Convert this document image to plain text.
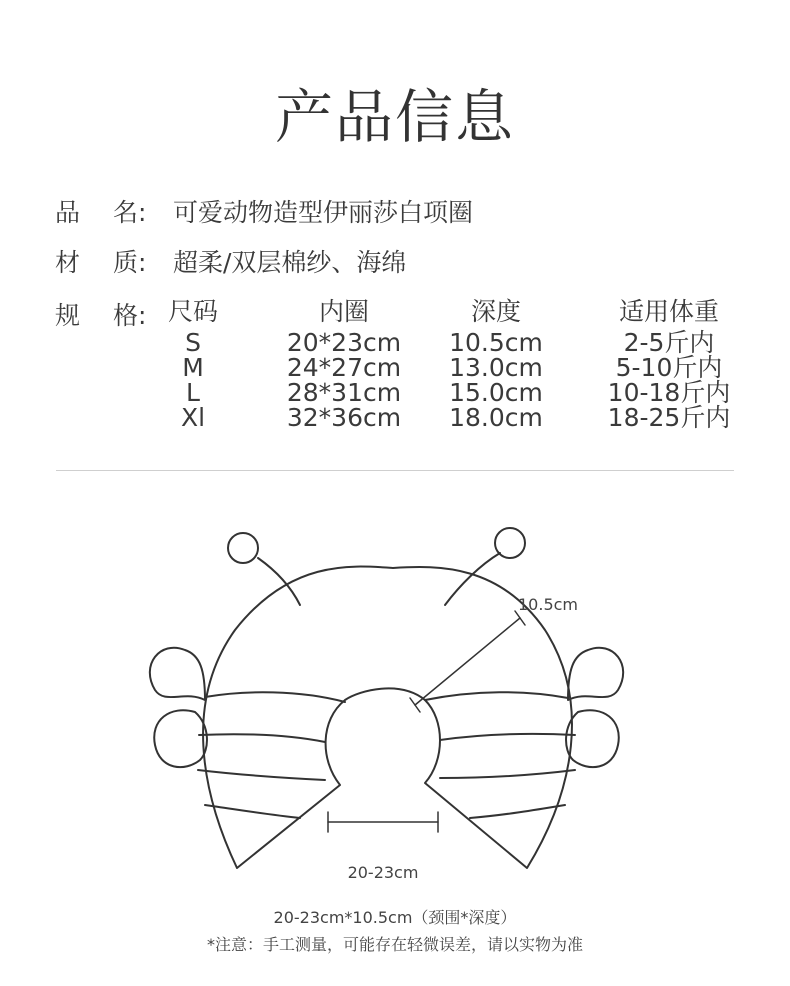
产品信息
品 名: 可爱动物造型伊丽莎白项圈
材 质: 超柔/双层棉纱、海绵
规 格: 尺码
S
M
L
Xl
内圈
20*23cm
24*27cm
28*31cm
32*36cm
深度
10.5cm
13.0cm
15.0cm
18.0cm
适用体重
2-5斤内
5-10斤内
10-18斤内
18-25斤内
10.5cm
20-23cm
20-23cm*10.5cm（颈围*深度）
*注意：手工测量，可能存在轻微误差，请以实物为准
